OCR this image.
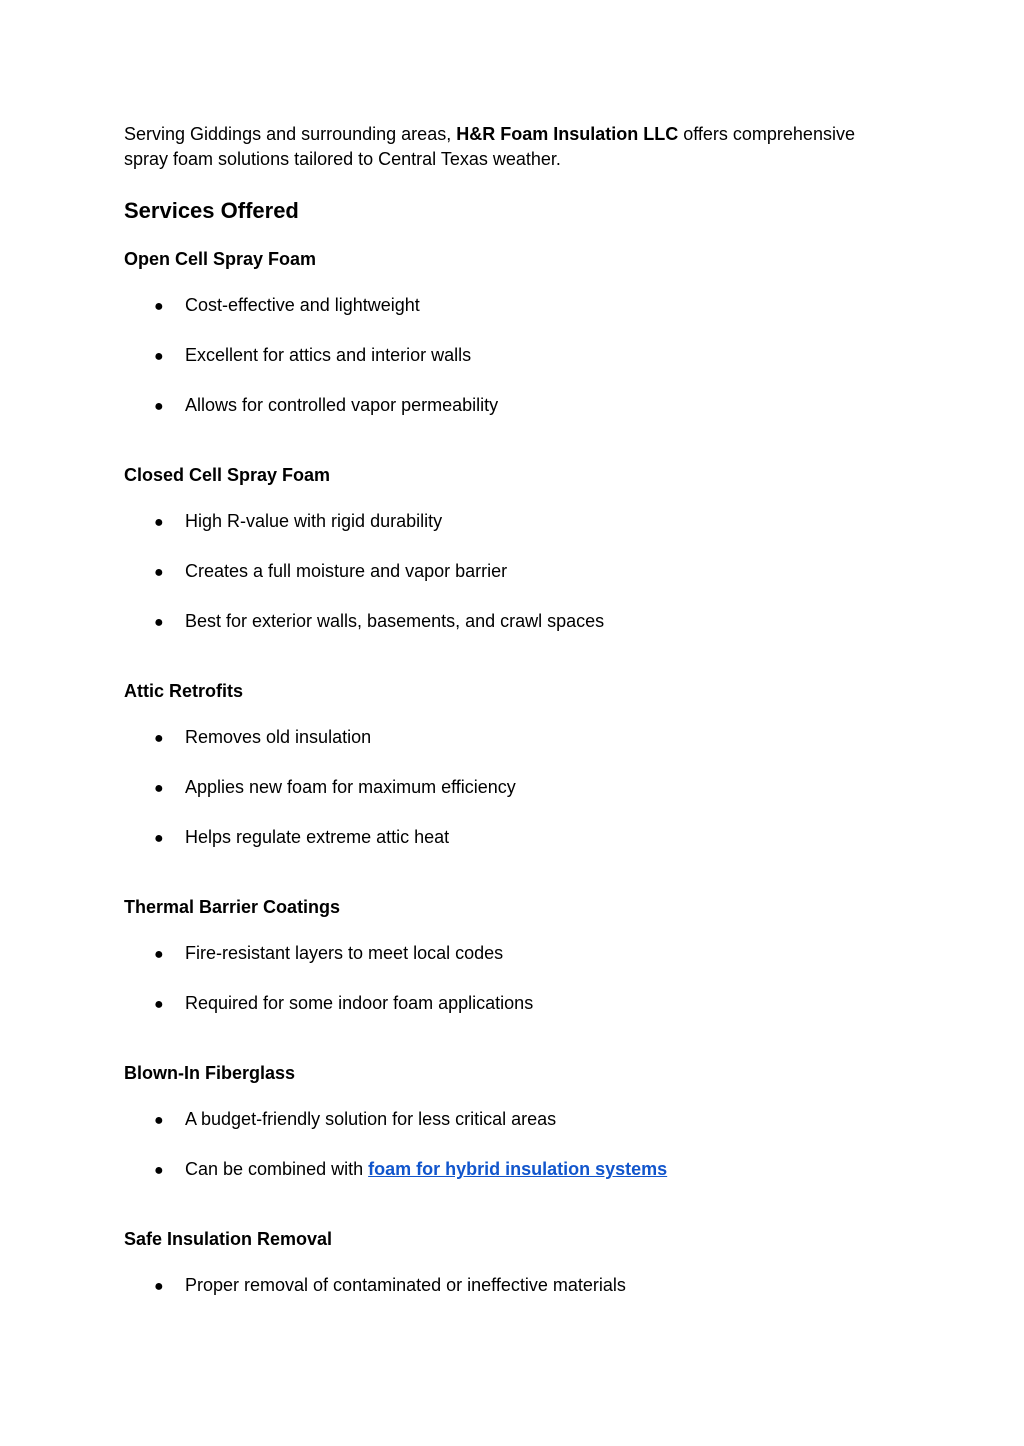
Serving Giddings and surrounding areas, H&R Foam Insulation LLC offers comprehensive
spray foam solutions tailored to Central Texas weather.

Services Offered
Open Cell Spray Foam

● Cost-effective and lightweight

● Excellent for attics and interior walls

● Allows for controlled vapor permeability

Closed Cell Spray Foam

● High R-value with rigid durability

● Creates a full moisture and vapor barrier

● Best for exterior walls, basements, and crawl spaces

Attic Retrofits

● Removes old insulation

● Applies new foam for maximum efficiency

● Helps regulate extreme attic heat

Thermal Barrier Coatings

● Fire-resistant layers to meet local codes

● Required for some indoor foam applications

Blown-In Fiberglass

● A budget-friendly solution for less critical areas

● Can be combined with foam for hybrid insulation systems

Safe Insulation Removal

● Proper removal of contaminated or ineffective materials
